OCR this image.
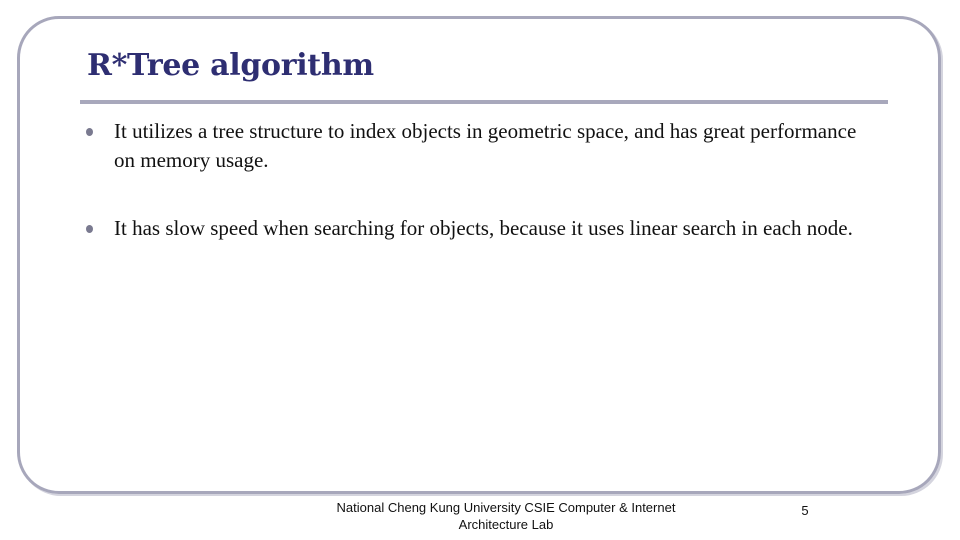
R*Tree algorithm
It utilizes a tree structure to index objects in geometric space, and has great performance on memory usage.
It has slow speed when searching for objects, because it uses linear search in each node.
National Cheng Kung University CSIE Computer & Internet Architecture Lab
5
